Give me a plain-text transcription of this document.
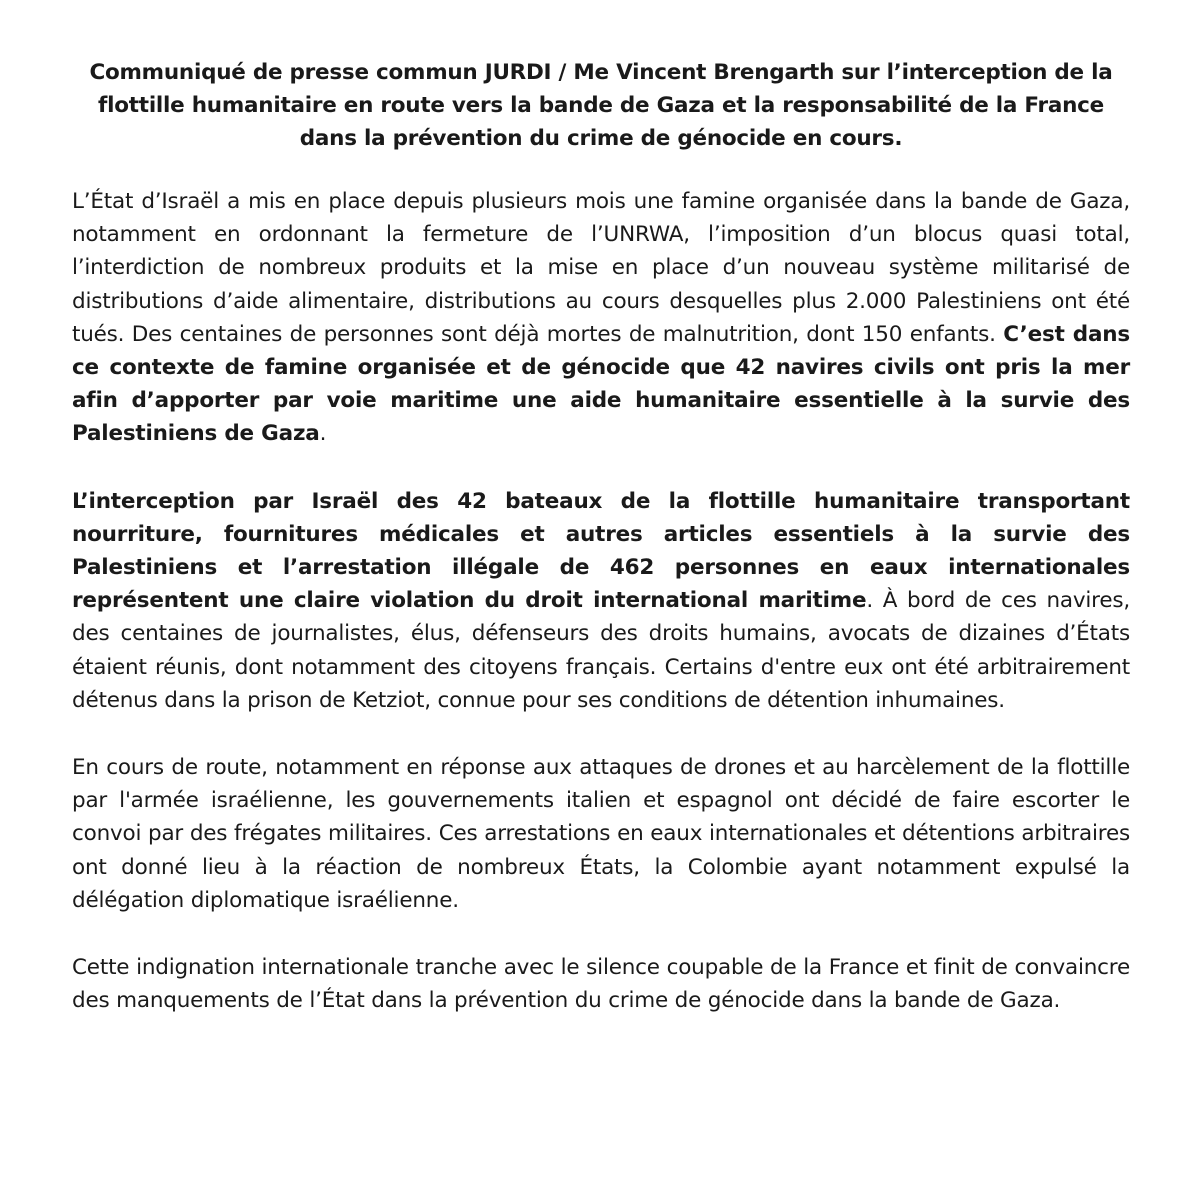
Communiqué de presse commun JURDI / Me Vincent Brengarth sur l’interception de la flottille humanitaire en route vers la bande de Gaza et la responsabilité de la France dans la prévention du crime de génocide en cours.

L’État d’Israël a mis en place depuis plusieurs mois une famine organisée dans la bande de Gaza, notamment en ordonnant la fermeture de l’UNRWA, l’imposition d’un blocus quasi total, l’interdiction de nombreux produits et la mise en place d’un nouveau système militarisé de distributions d’aide alimentaire, distributions au cours desquelles plus 2.000 Palestiniens ont été tués. Des centaines de personnes sont déjà mortes de malnutrition, dont 150 enfants. C’est dans ce contexte de famine organisée et de génocide que 42 navires civils ont pris la mer afin d’apporter par voie maritime une aide humanitaire essentielle à la survie des Palestiniens de Gaza.

L’interception par Israël des 42 bateaux de la flottille humanitaire transportant nourriture, fournitures médicales et autres articles essentiels à la survie des Palestiniens et l’arrestation illégale de 462 personnes en eaux internationales représentent une claire violation du droit international maritime. À bord de ces navires, des centaines de journalistes, élus, défenseurs des droits humains, avocats de dizaines d’États étaient réunis, dont notamment des citoyens français. Certains d'entre eux ont été arbitrairement détenus dans la prison de Ketziot, connue pour ses conditions de détention inhumaines.

En cours de route, notamment en réponse aux attaques de drones et au harcèlement de la flottille par l'armée israélienne, les gouvernements italien et espagnol ont décidé de faire escorter le convoi par des frégates militaires. Ces arrestations en eaux internationales et détentions arbitraires ont donné lieu à la réaction de nombreux États, la Colombie ayant notamment expulsé la délégation diplomatique israélienne.

Cette indignation internationale tranche avec le silence coupable de la France et finit de convaincre des manquements de l’État dans la prévention du crime de génocide dans la bande de Gaza.
